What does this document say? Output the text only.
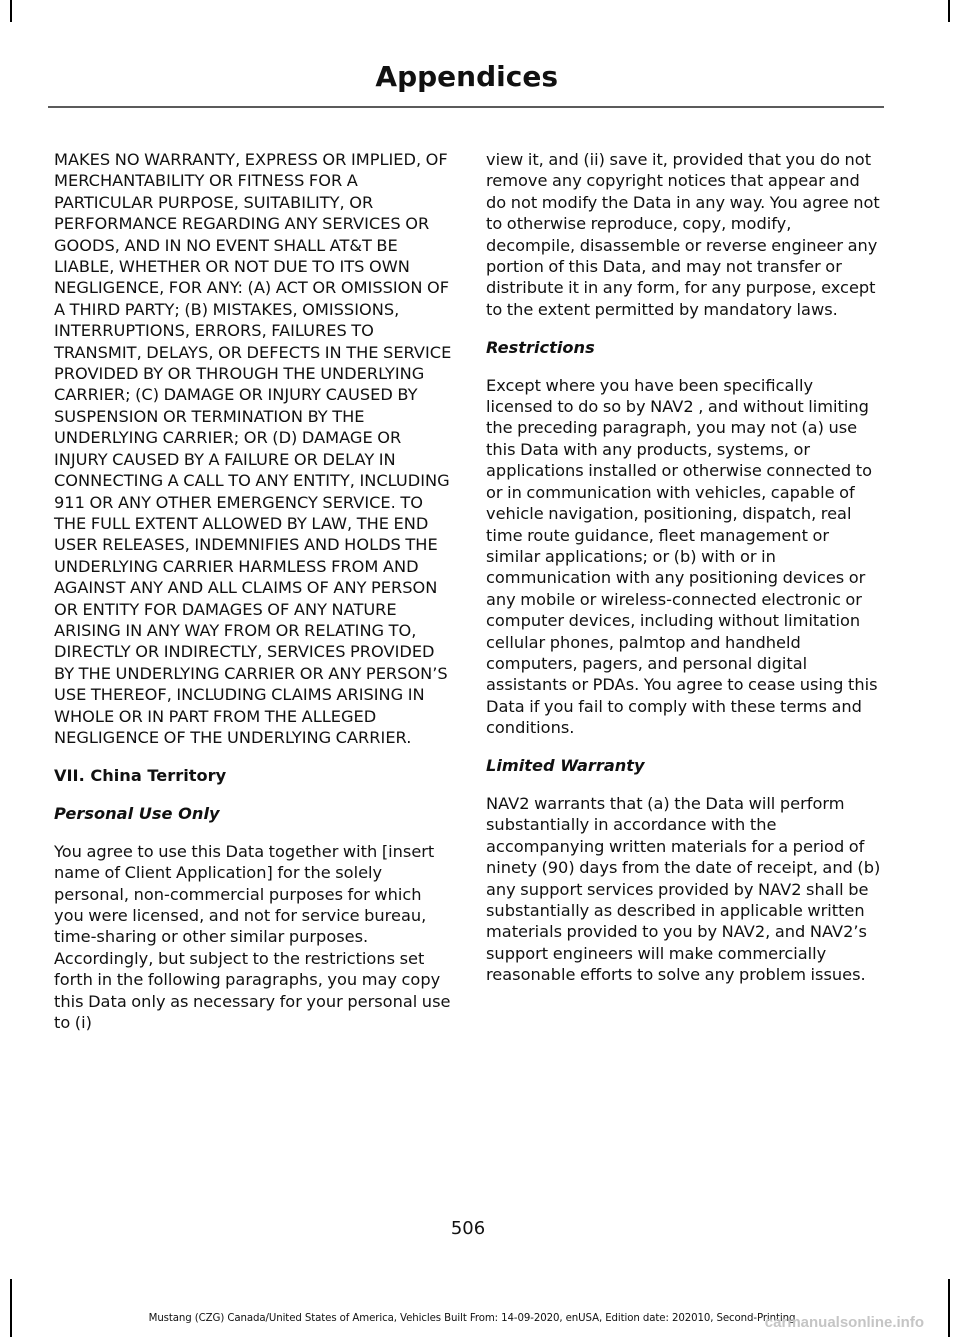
Appendices

MAKES NO WARRANTY, EXPRESS OR IMPLIED, OF MERCHANTABILITY OR FITNESS FOR A PARTICULAR PURPOSE, SUITABILITY, OR PERFORMANCE REGARDING ANY SERVICES OR GOODS, AND IN NO EVENT SHALL AT&T BE LIABLE, WHETHER OR NOT DUE TO ITS OWN NEGLIGENCE, FOR ANY: (A) ACT OR OMISSION OF A THIRD PARTY; (B) MISTAKES, OMISSIONS, INTERRUPTIONS, ERRORS, FAILURES TO TRANSMIT, DELAYS, OR DEFECTS IN THE SERVICE PROVIDED BY OR THROUGH THE UNDERLYING CARRIER; (C) DAMAGE OR INJURY CAUSED BY SUSPENSION OR TERMINATION BY THE UNDERLYING CARRIER; OR (D) DAMAGE OR INJURY CAUSED BY A FAILURE OR DELAY IN CONNECTING A CALL TO ANY ENTITY, INCLUDING 911 OR ANY OTHER EMERGENCY SERVICE. TO THE FULL EXTENT ALLOWED BY LAW, THE END USER RELEASES, INDEMNIFIES AND HOLDS THE UNDERLYING CARRIER HARMLESS FROM AND AGAINST ANY AND ALL CLAIMS OF ANY PERSON OR ENTITY FOR DAMAGES OF ANY NATURE ARISING IN ANY WAY FROM OR RELATING TO, DIRECTLY OR INDIRECTLY, SERVICES PROVIDED BY THE UNDERLYING CARRIER OR ANY PERSON’S USE THEREOF, INCLUDING CLAIMS ARISING IN WHOLE OR IN PART FROM THE ALLEGED NEGLIGENCE OF THE UNDERLYING CARRIER.

VII. China Territory
Personal Use Only

You agree to use this Data together with [insert name of Client Application] for the solely personal, non-commercial purposes for which you were licensed, and not for service bureau, time-sharing or other similar purposes. Accordingly, but subject to the restrictions set forth in the following paragraphs, you may copy this Data only as necessary for your personal use to (i)

view it, and (ii) save it, provided that you do not remove any copyright notices that appear and do not modify the Data in any way. You agree not to otherwise reproduce, copy, modify, decompile, disassemble or reverse engineer any portion of this Data, and may not transfer or distribute it in any form, for any purpose, except to the extent permitted by mandatory laws.

Restrictions

Except where you have been specifically licensed to do so by NAV2 , and without limiting the preceding paragraph, you may not (a) use this Data with any products, systems, or applications installed or otherwise connected to or in communication with vehicles, capable of vehicle navigation, positioning, dispatch, real time route guidance, fleet management or similar applications; or (b) with or in communication with any positioning devices or any mobile or wireless-connected electronic or computer devices, including without limitation cellular phones, palmtop and handheld computers, pagers, and personal digital assistants or PDAs. You agree to cease using this Data if you fail to comply with these terms and conditions.

Limited Warranty

NAV2 warrants that (a) the Data will perform substantially in accordance with the accompanying written materials for a period of ninety (90) days from the date of receipt, and (b) any support services provided by NAV2 shall be substantially as described in applicable written materials provided to you by NAV2, and NAV2’s support engineers will make commercially reasonable efforts to solve any problem issues.

506

Mustang (CZG) Canada/United States of America, Vehicles Built From: 14-09-2020, enUSA, Edition date: 202010, Second-Printing

carmanualsonline.info
